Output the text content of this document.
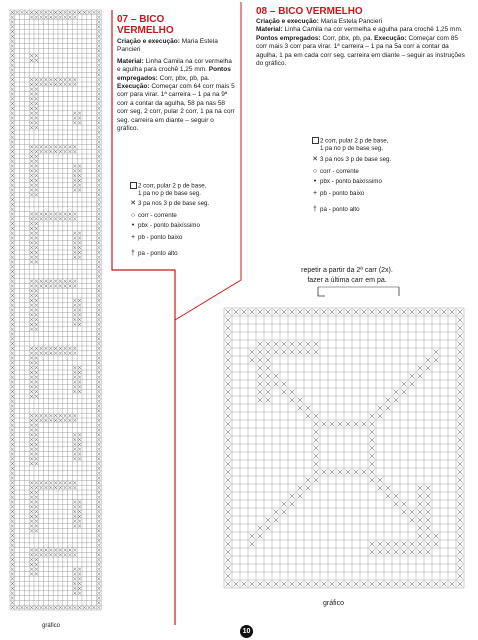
gráfico
07 – BICO
VERMELHO
Criação e execução: Maria Estela Pancieri
Material: Linha Camila na cor vermelha e agulha para crochê 1,25 mm. Pontos empregados: Corr, pbx, pb, pa. Execução: Começar com 64 corr mais 5 corr para virar. 1ª carreira – 1 pa na 9ª corr a contar da agulha, 58 pa nas 58 corr seg, 2 corr, pular 2 corr, 1 pa na corr seg. carreira em diante – seguir o gráfico.
2 corr, pular 2 p de base,
1 pa no p de base seg.
✕ 3 pa nos 3 p de base seg.
○ corr - corrente
• pbx - ponto baixíssimo
+ pb - ponto baixo
† pa - ponto alto
08 – BICO VERMELHO
Criação e execução: Maria Estela Pancieri
Material: Linha Camila na cor vermelha e agulha para crochê 1,25 mm. Pontos empregados: Corr, pbx, pb, pa. Execução: Começar com 85 corr mais 3 corr para virar. 1ª carreira – 1 pa na 5a corr a contar da agulha, 1 pa em cada corr seg. carreira em diante – seguir as instruções do gráfico.
2 corr, pular 2 p de base,
1 pa no p de base seg.
✕ 3 pa nos 3 p de base seg.
○ corr - corrente
• pbx - ponto baixíssimo
+ pb - ponto baixo
† pa - ponto alto
repetir a partir da 2ª carr (2x).
fazer a última carr em pa.
gráfico
10
